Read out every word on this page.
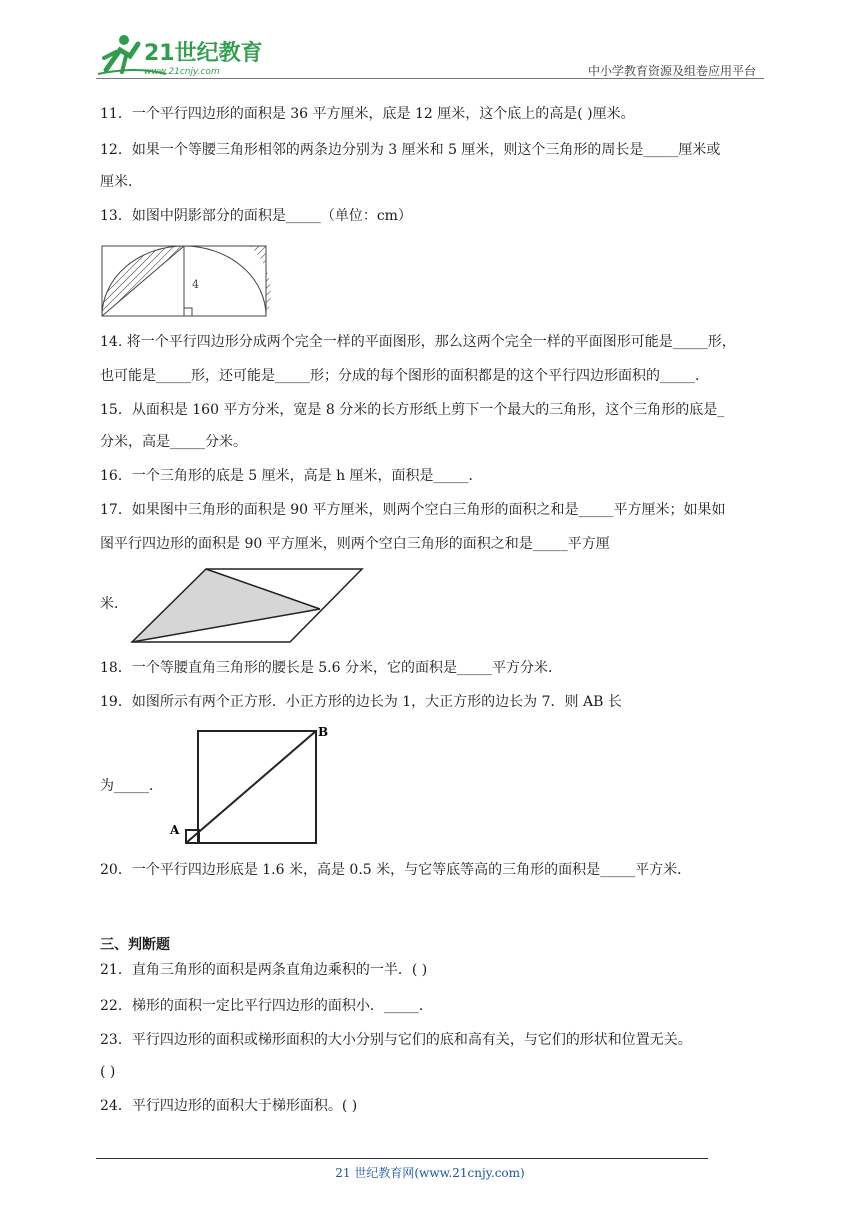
21世纪教育
www.21cnjy.com	中小学教育资源及组卷应用平台
11．一个平行四边形的面积是 36 平方厘米，底是 12 厘米，这个底上的高是( )厘米。
12．如果一个等腰三角形相邻的两条边分别为 3 厘米和 5 厘米，则这个三角形的周长是_____厘米或
厘米．
13．如图中阴影部分的面积是_____（单位：cm）
4
14. 将一个平行四边形分成两个完全一样的平面图形，那么这两个完全一样的平面图形可能是_____形，
也可能是_____形，还可能是_____形；分成的每个图形的面积都是的这个平行四边形面积的_____．
15．从面积是 160 平方分米，宽是 8 分米的长方形纸上剪下一个最大的三角形，这个三角形的底是_
分米，高是_____分米。
16．一个三角形的底是 5 厘米，高是 h 厘米，面积是_____．
17．如果图中三角形的面积是 90 平方厘米，则两个空白三角形的面积之和是_____平方厘米；如果如
图平行四边形的面积是 90 平方厘米，则两个空白三角形的面积之和是_____平方厘
米．
18．一个等腰直角三角形的腰长是 5.6 分米，它的面积是_____平方分米．
19．如图所示有两个正方形．小正方形的边长为 1，大正方形的边长为 7．则 AB 长
为_____．
A
B
20．一个平行四边形底是 1.6 米，高是 0.5 米，与它等底等高的三角形的面积是_____平方米．
三、判断题
21．直角三角形的面积是两条直角边乘积的一半．( )
22．梯形的面积一定比平行四边形的面积小．_____．
23．平行四边形的面积或梯形面积的大小分别与它们的底和高有关，与它们的形状和位置无关。
( )
24．平行四边形的面积大于梯形面积。( )
21 世纪教育网(www.21cnjy.com)
